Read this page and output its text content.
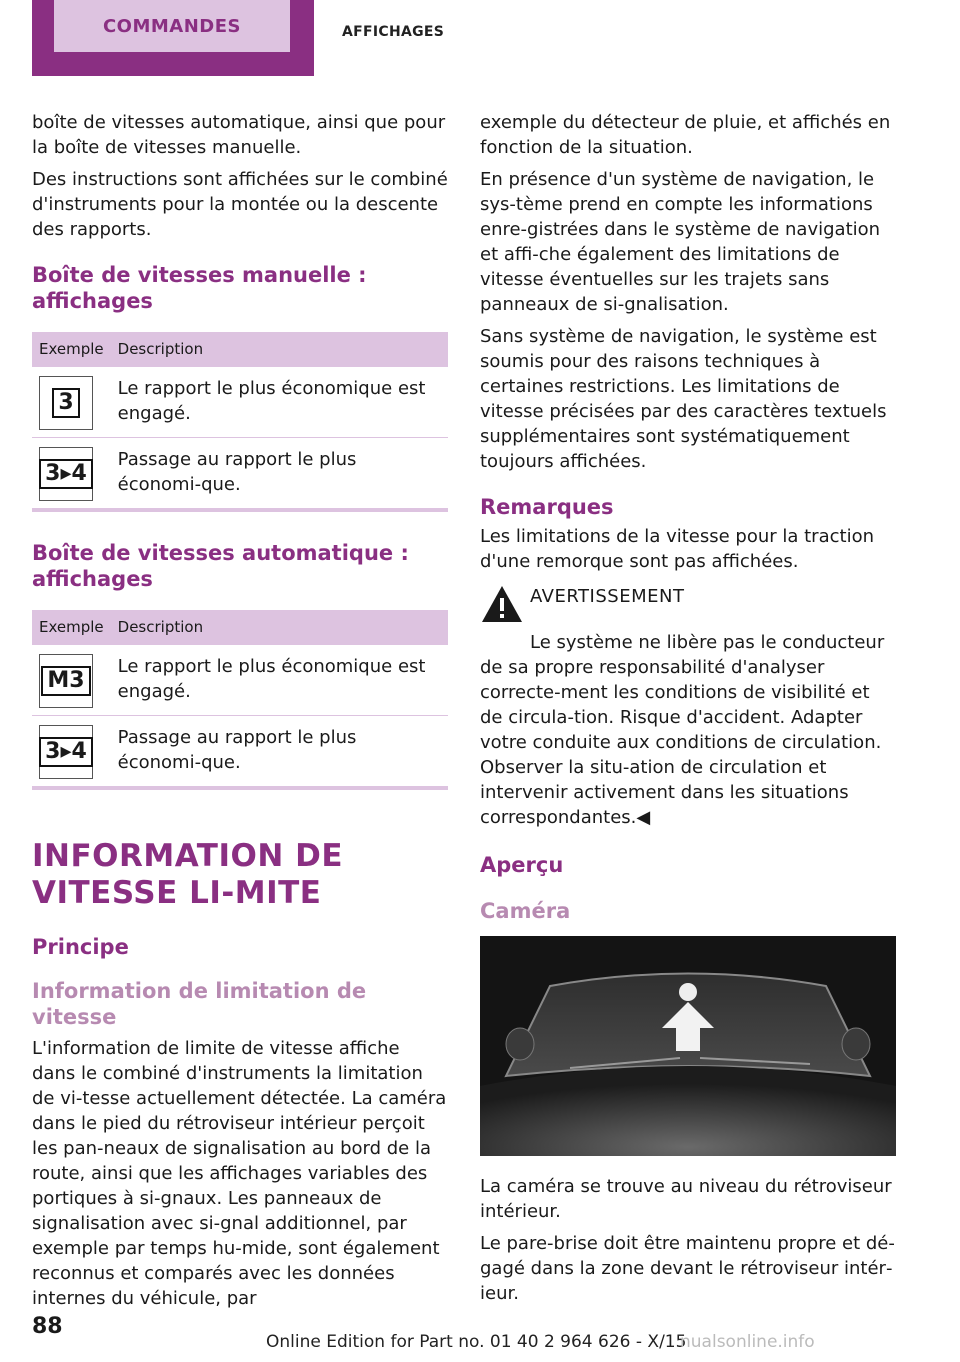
COMMANDES	AFFICHAGES

boîte de vitesses automatique, ainsi que pour la boîte de vitesses manuelle.

Des instructions sont affichées sur le combiné d'instruments pour la montée ou la descente des rapports.

Boîte de vitesses manuelle : affichages
Exemple	Description

3	Le rapport le plus économique est engagé.

3▸4	Passage au rapport le plus économi‐que.
Boîte de vitesses automatique : affichages
Exemple	Description

M3	Le rapport le plus économique est engagé.

3▸4	Passage au rapport le plus économi‐que.
INFORMATION DE VITESSE LI‐MITE
Principe
Information de limitation de vitesse

L'information de limite de vitesse affiche dans le combiné d'instruments la limitation de vi‐tesse actuellement détectée. La caméra dans le pied du rétroviseur intérieur perçoit les pan‐neaux de signalisation au bord de la route, ainsi que les affichages variables des portiques à si‐gnaux. Les panneaux de signalisation avec si‐gnal additionnel, par exemple par temps hu‐mide, sont également reconnus et comparés avec les données internes du véhicule, par

exemple du détecteur de pluie, et affichés en fonction de la situation.

En présence d'un système de navigation, le sys‐tème prend en compte les informations enre‐gistrées dans le système de navigation et affi‐che également des limitations de vitesse éventuelles sur les trajets sans panneaux de si‐gnalisation.

Sans système de navigation, le système est soumis pour des raisons techniques à certaines restrictions. Les limitations de vitesse précisées par des caractères textuels supplémentaires sont systématiquement toujours affichées.

Remarques

Les limitations de la vitesse pour la traction d'une remorque sont pas affichées.

AVERTISSEMENT

Le système ne libère pas le conducteur de sa propre responsabilité d'analyser correcte‐ment les conditions de visibilité et de circula‐tion. Risque d'accident. Adapter votre conduite aux conditions de circulation. Observer la situ‐ation de circulation et intervenir activement dans les situations correspondantes.◀

Aperçu
Caméra

La caméra se trouve au niveau du rétroviseur intérieur.

Le pare-brise doit être maintenu propre et dé‐gagé dans la zone devant le rétroviseur intér‐ieur.

88
Online Edition for Part no. 01 40 2 964 626 - X/15
nualsonline.info
